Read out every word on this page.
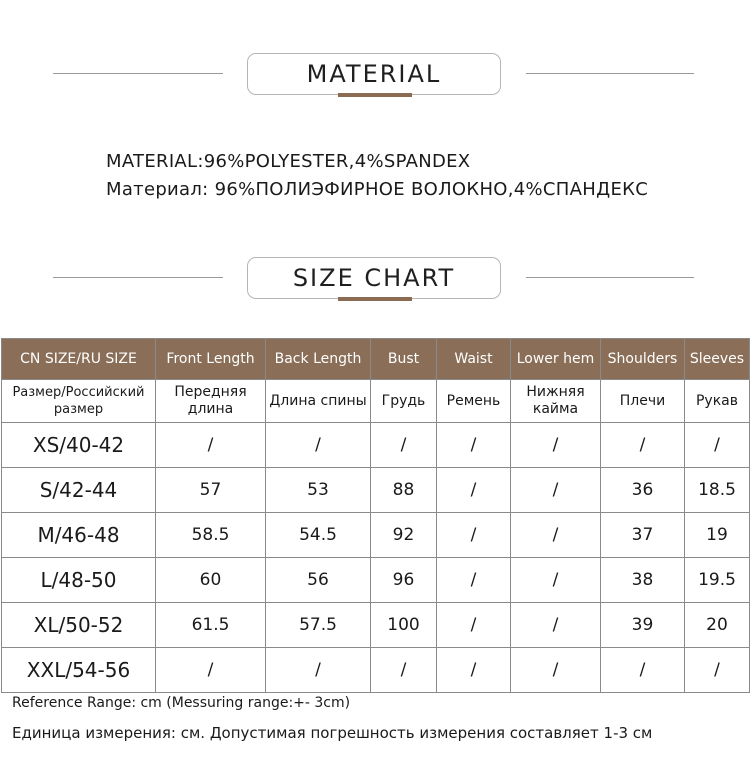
MATERIAL
MATERIAL:96%POLYESTER,4%SPANDEX
Материал: 96%ПОЛИЭФИРНОЕ ВОЛОКНО,4%СПАНДЕКС
SIZE CHART
CN SIZE/RU SIZE	Front Length	Back Length	Bust	Waist	Lower hem	Shoulders	Sleeves
Размер/Российский размер	Передняя длина	Длина спины	Грудь	Ремень	Нижняя кайма	Плечи	Рукав
XS/40-42	/	/	/	/	/	/	/
S/42-44	57	53	88	/	/	36	18.5
M/46-48	58.5	54.5	92	/	/	37	19
L/48-50	60	56	96	/	/	38	19.5
XL/50-52	61.5	57.5	100	/	/	39	20
XXL/54-56	/	/	/	/	/	/	/
Reference Range: cm (Messuring range:+- 3cm)
Единица измерения: см. Допустимая погрешность измерения составляет 1-3 см
